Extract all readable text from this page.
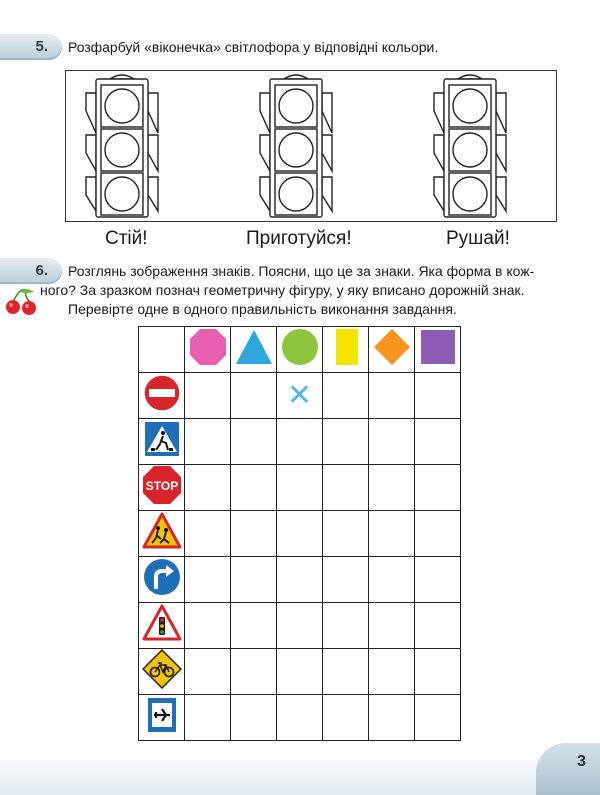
5. Розфарбуй «віконечка» світлофора у відповідні кольори.
Стій!	Приготуйся!	Рушай!
6. Розглянь зображення знаків. Поясни, що це за знаки. Яка форма в кож-
ного? За зразком познач геометричну фігуру, у яку вписано дорожній знак.
Перевірте одне в одного правильність виконання завдання.

			✕			

STOP						

3
